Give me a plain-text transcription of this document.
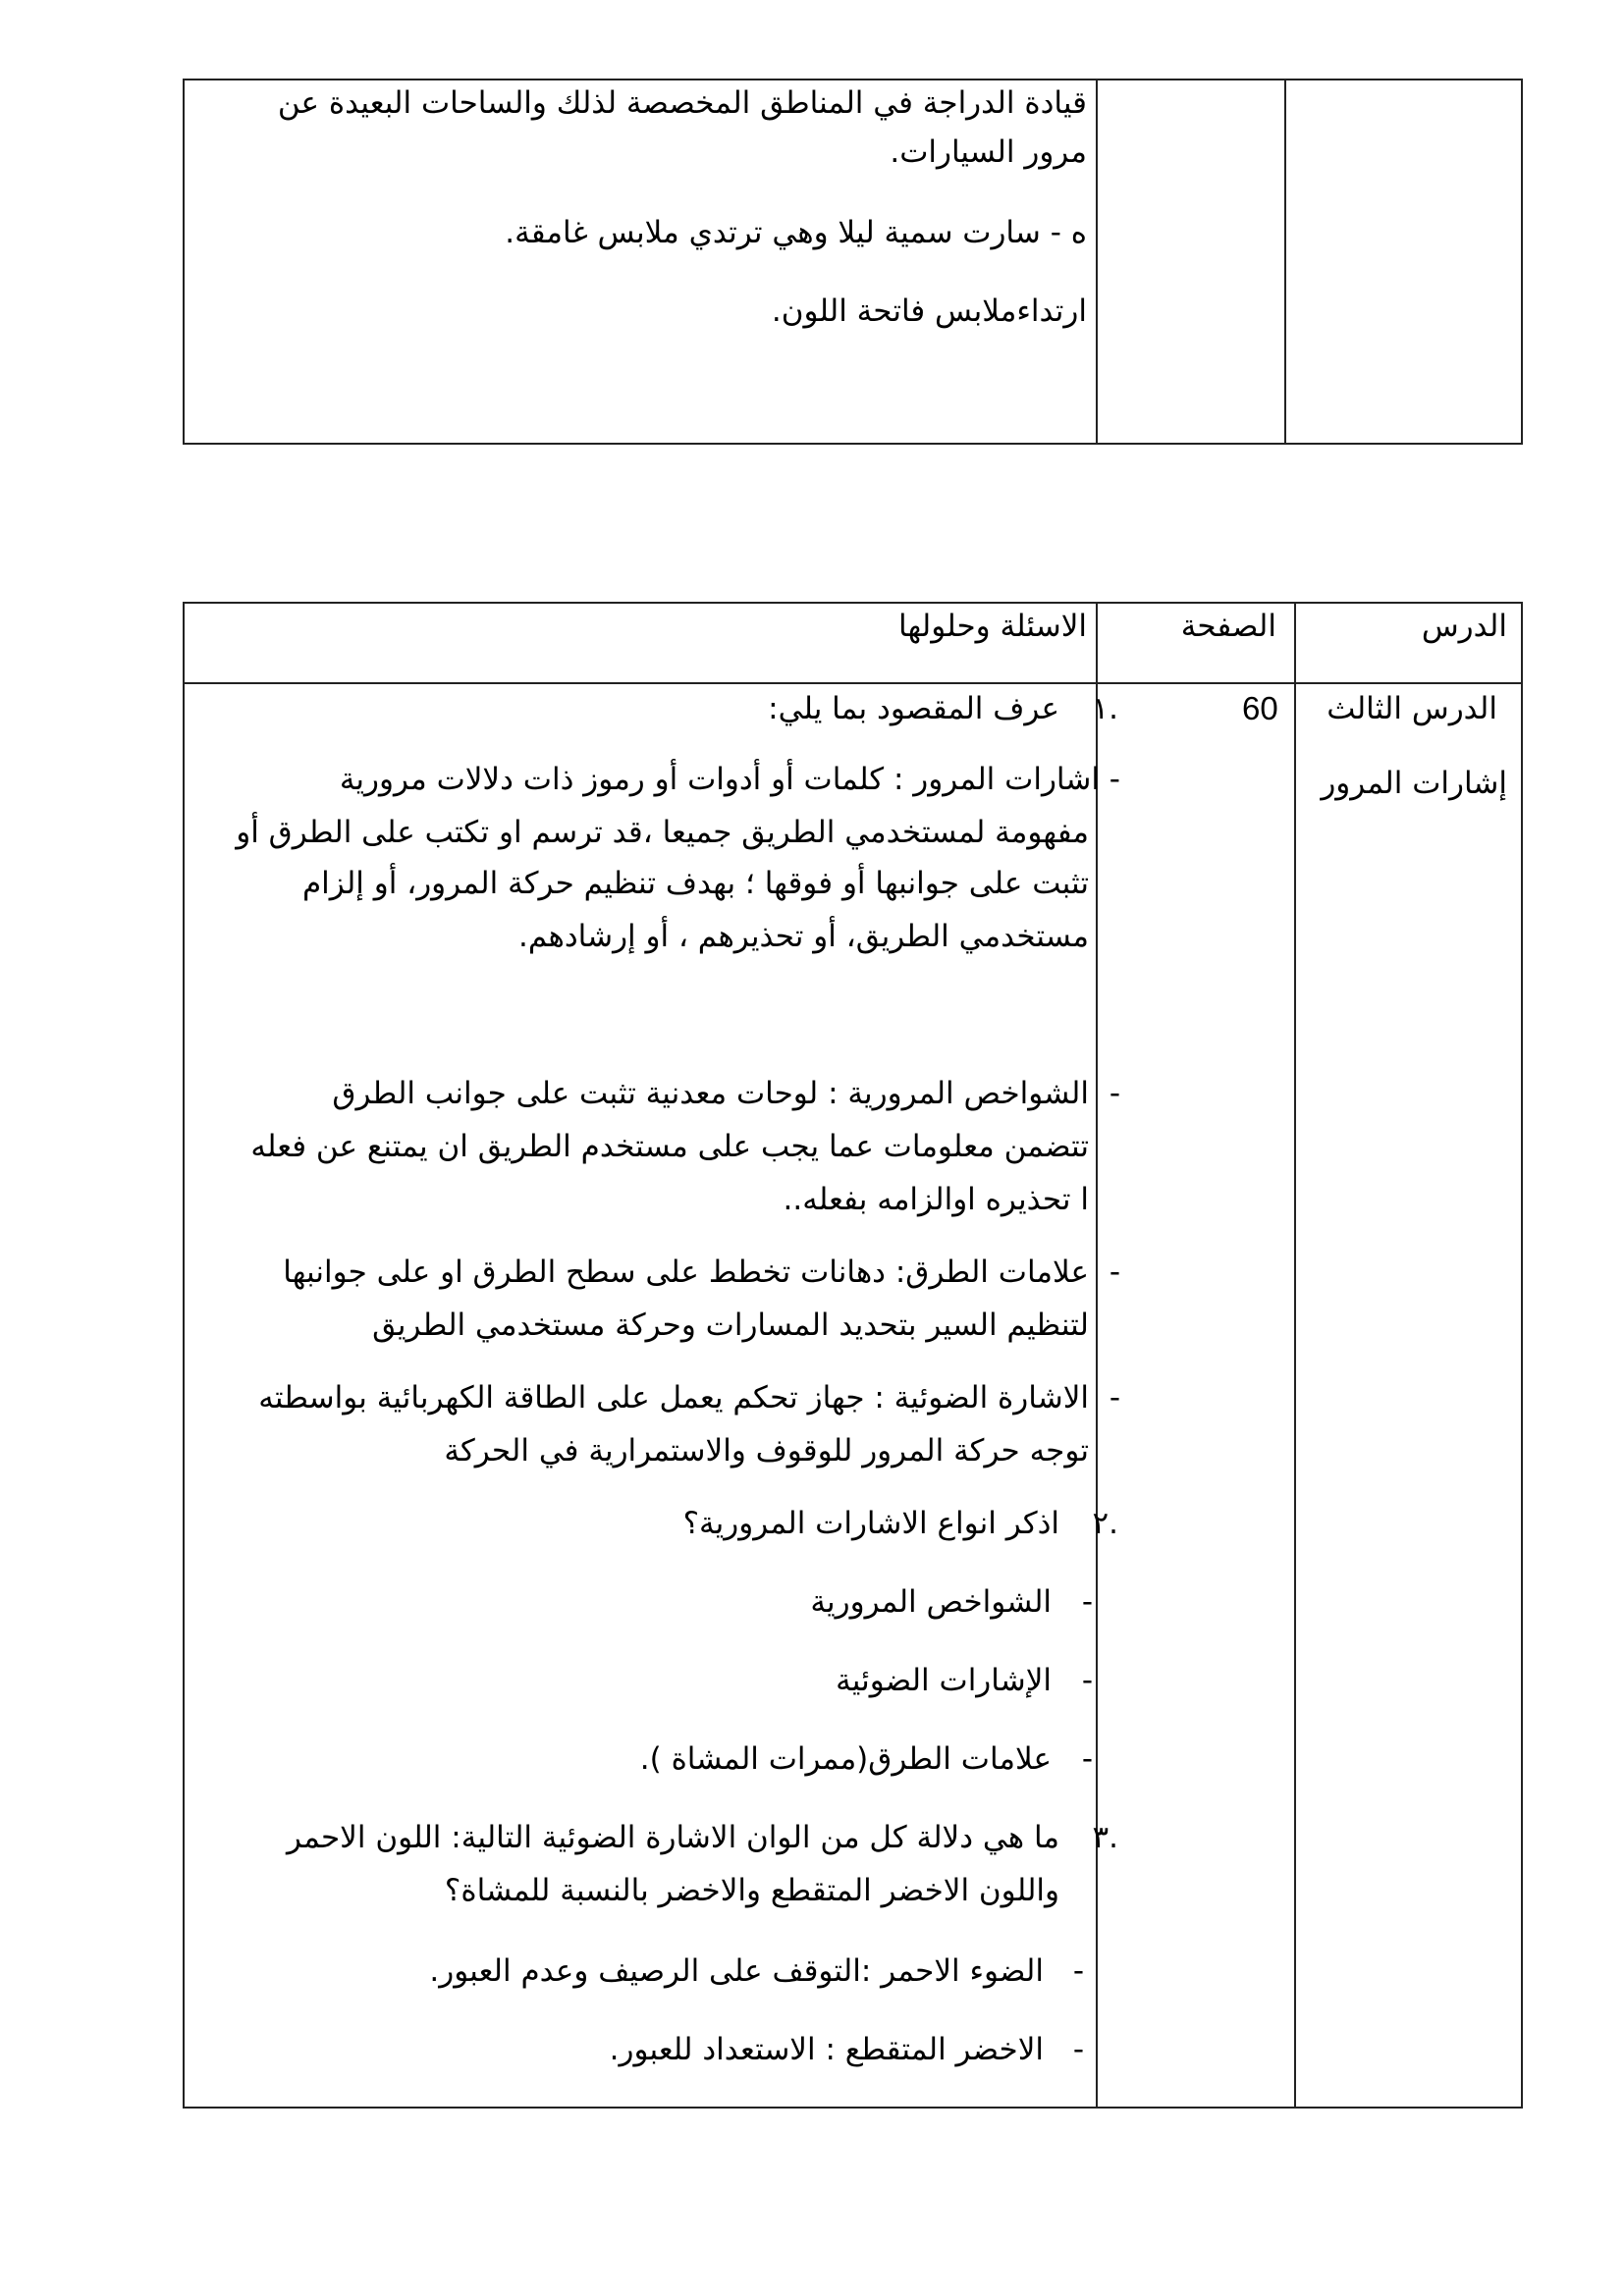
قيادة الدراجة في المناطق المخصصة لذلك والساحات البعيدة عن
مرور السيارات.
ه - سارت سمية ليلا وهي ترتدي ملابس غامقة.
ارتداءملابس فاتحة اللون.
الدرس
الصفحة
الاسئلة وحلولها
الدرس الثالث
إشارات المرور
60
.١
عرف المقصود بما يلي:
- اشارات المرور : كلمات أو أدوات أو رموز ذات دلالات مرورية
مفهومة لمستخدمي الطريق جميعا ،قد ترسم او تكتب على الطرق أو
تثبت على جوانبها أو فوقها ؛ بهدف تنظيم حركة المرور، أو إلزام
مستخدمي الطريق، أو تحذيرهم ، أو إرشادهم.
-
الشواخص المرورية : لوحات معدنية تثبت على جوانب الطرق
تتضمن معلومات عما يجب على مستخدم الطريق ان يمتنع عن فعله
ا تحذيره اوالزامه بفعله..
-
علامات الطرق: دهانات تخطط على سطح الطرق او على جوانبها
لتنظيم السير بتحديد المسارات وحركة مستخدمي الطريق
-
الاشارة الضوئية : جهاز تحكم يعمل على الطاقة الكهربائية بواسطته
توجه حركة المرور للوقوف والاستمرارية في الحركة
.٢
اذكر انواع الاشارات المرورية؟
-
الشواخص المرورية
-
الإشارات الضوئية
-
علامات الطرق(ممرات المشاة ).
.٣
ما هي دلالة كل من الوان الاشارة الضوئية التالية: اللون الاحمر
واللون الاخضر المتقطع والاخضر بالنسبة للمشاة؟
-
الضوء الاحمر :التوقف على الرصيف وعدم العبور.
-
الاخضر المتقطع : الاستعداد للعبور.
